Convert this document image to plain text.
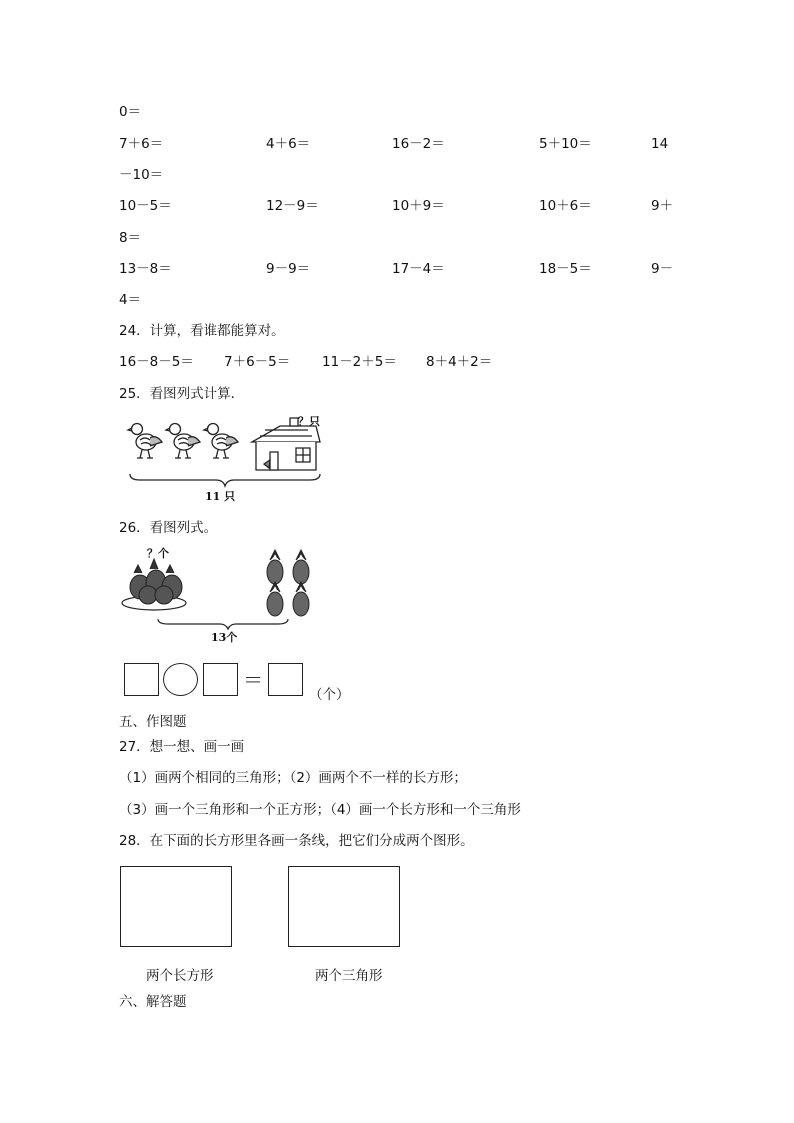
0＝
7＋6＝	4＋6＝	16－2＝	5＋10＝	14
－10＝
10－5＝	12－9＝	10＋9＝	10＋6＝	9＋
8＝
13－8＝	9－9＝	17－4＝	18－5＝	9－
4＝
24．计算，看谁都能算对。
16－8－5＝ 7＋6－5＝ 11－2＋5＝ 8＋4＋2＝
25．看图列式计算．
？只
11 只
26．看图列式。
？个
13个
＝
（个）
五、作图题
27．想一想、画一画
（1）画两个相同的三角形；（2）画两个不一样的长方形；
（3）画一个三角形和一个正方形；（4）画一个长方形和一个三角形
28．在下面的长方形里各画一条线，把它们分成两个图形。
两个长方形	两个三角形
六、解答题
